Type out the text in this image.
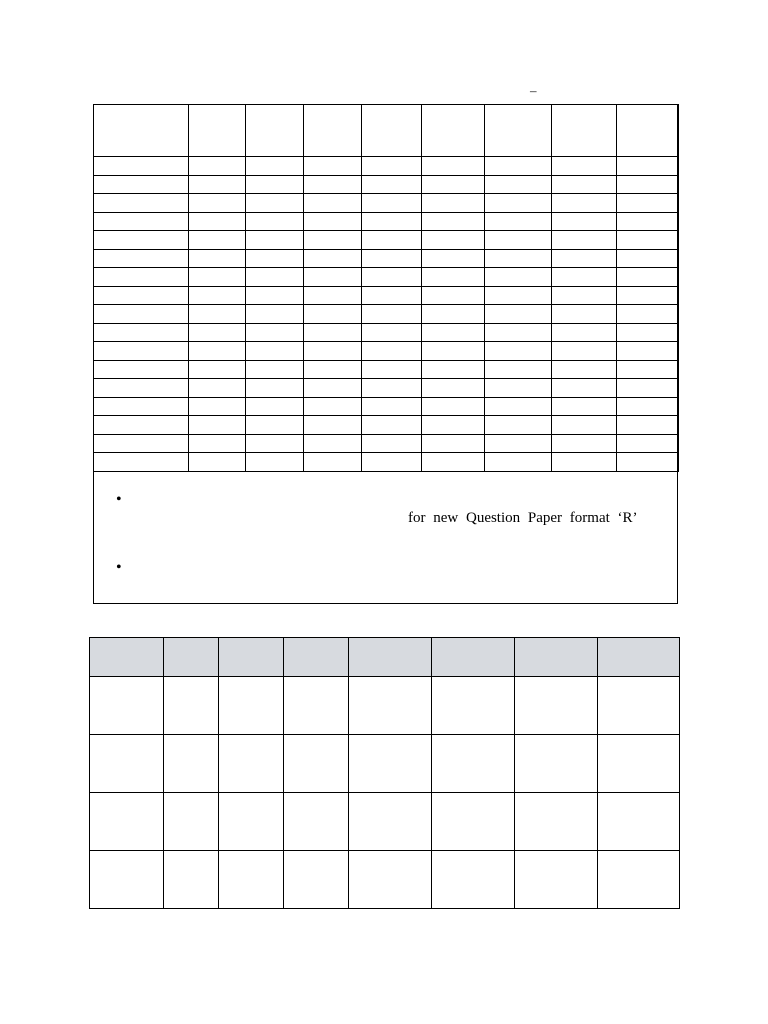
–

•
for new Question Paper format ‘R’
•
